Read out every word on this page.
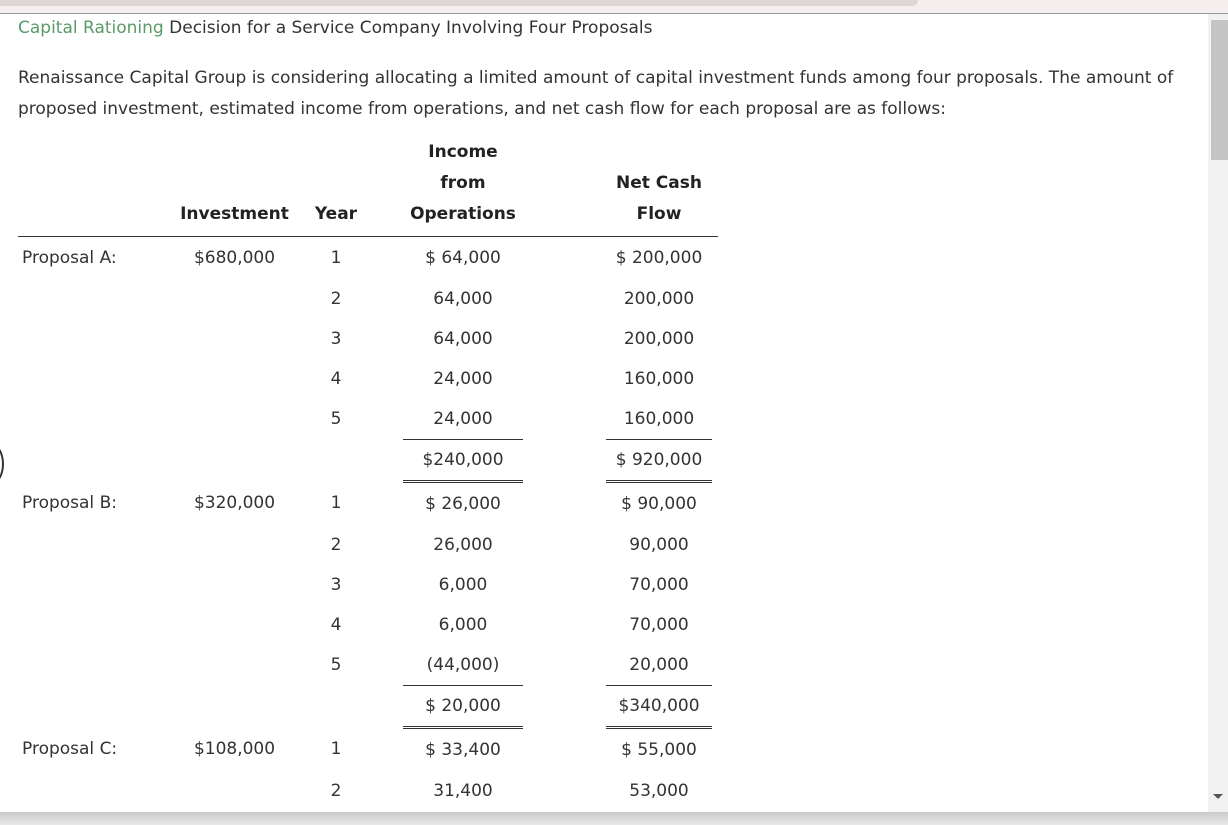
Capital Rationing Decision for a Service Company Involving Four Proposals
Renaissance Capital Group is considering allocating a limited amount of capital investment funds among four proposals. The amount of proposed investment, estimated income from operations, and net cash flow for each proposal are as follows:
	Investment	Year		Income
from
Operations		Net Cash
Flow	
Proposal A:	$680,000	1		$ 64,000		$ 200,000	
		2		64,000		200,000	
		3		64,000		200,000	
		4		24,000		160,000	
		5		24,000		160,000	
				$240,000		$ 920,000	
Proposal B:	$320,000	1		$ 26,000		$ 90,000	
		2		26,000		90,000	
		3		6,000		70,000	
		4		6,000		70,000	
		5		(44,000)		20,000	
				$ 20,000		$340,000	
Proposal C:	$108,000	1		$ 33,400		$ 55,000	
		2		31,400		53,000	
